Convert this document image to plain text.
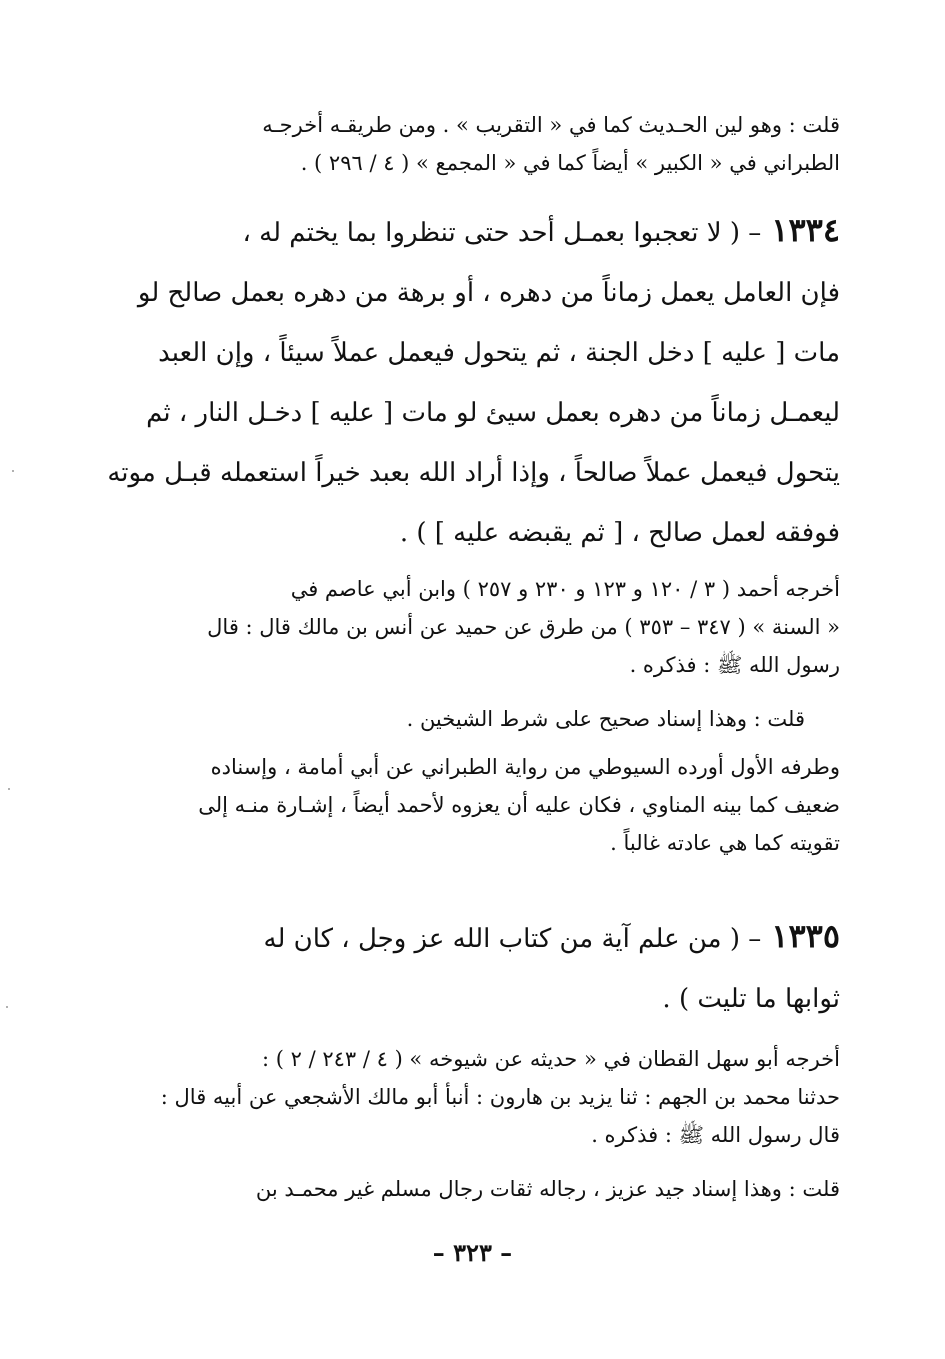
قلت : وهو لين الحـديث كما في « التقريب » . ومن طريقـه أخرجـه
الطبراني في « الكبير » أيضاً كما في « المجمع » ( ٤ / ٢٩٦ ) .
١٣٣٤– ( لا تعجبوا بعمـل أحد حتى تنظروا بما يختم له ،
فإن العامل يعمل زماناً من دهره ، أو برهة من دهره بعمل صالح لو
مات [ عليه ] دخل الجنة ، ثم يتحول فيعمل عملاً سيئاً ، وإن العبد
ليعمـل زماناً من دهره بعمل سيئ لو مات [ عليه ] دخـل النار ، ثم
يتحول فيعمل عملاً صالحاً ، وإذا أراد الله بعبد خيراً استعمله قبـل موته
فوفقه لعمل صالح ، [ ثم يقبضه عليه ] ) .
أخرجه أحمد ( ٣ / ١٢٠ و ١٢٣ و ٢٣٠ و ٢٥٧ ) وابن أبي عاصم في
« السنة » ( ٣٤٧ – ٣٥٣ ) من طرق عن حميد عن أنس بن مالك قال : قال
رسول الله ﷺ : فذكره .
قلت : وهذا إسناد صحيح على شرط الشيخين .
وطرفه الأول أورده السيوطي من رواية الطبراني عن أبي أمامة ، وإسناده
ضعيف كما بينه المناوي ، فكان عليه أن يعزوه لأحمد أيضاً ، إشـارة منـه إلى
تقويته كما هي عادته غالباً .
١٣٣٥– ( من علم آية من كتاب الله عز وجل ، كان له
ثوابها ما تليت ) .
أخرجه أبو سهل القطان في « حديثه عن شيوخه » ( ٤ / ٢٤٣ / ٢ ) :
حدثنا محمد بن الجهم : ثنا يزيد بن هارون : أنبأ أبو مالك الأشجعي عن أبيه قال :
قال رسول الله ﷺ : فذكره .
قلت : وهذا إسناد جيد عزيز ، رجاله ثقات رجال مسلم غير محمـد بن
– ٣٢٣ –
